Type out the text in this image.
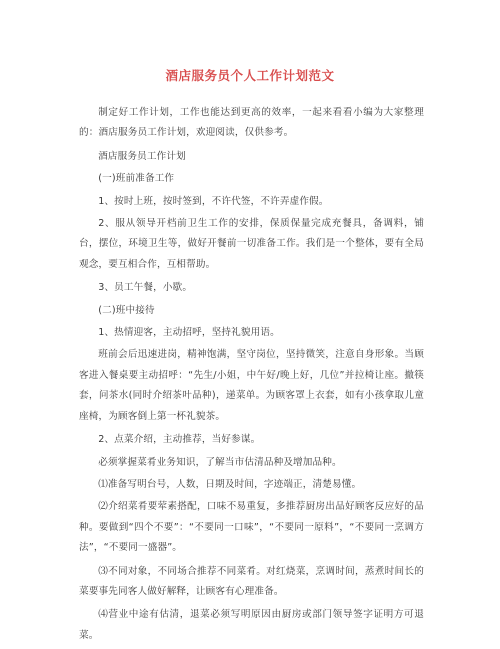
酒店服务员个人工作计划范文

制定好工作计划，工作也能达到更高的效率，一起来看看小编为大家整理的：酒店服务员工作计划，欢迎阅读，仅供参考。

酒店服务员工作计划

(一)班前准备工作

1、按时上班，按时签到，不许代签，不许弄虚作假。

2、服从领导开档前卫生工作的安排，保质保量完成充餐具，备调料，铺台，摆位，环境卫生等，做好开餐前一切准备工作。我们是一个整体，要有全局观念，要互相合作，互相帮助。

3、员工午餐，小歇。

(二)班中接待

1、热情迎客，主动招呼，坚持礼貌用语。

班前会后迅速进岗，精神饱满，坚守岗位，坚持微笑，注意自身形象。当顾客进入餐桌要主动招呼：“先生/小姐，中午好/晚上好，几位”并拉椅让座。撤筷套，问茶水(同时介绍茶叶品种)，递菜单。为顾客罩上衣套，如有小孩拿取儿童座椅，为顾客倒上第一杯礼貌茶。

2、点菜介绍，主动推荐，当好参谋。

必须掌握菜肴业务知识，了解当市估清品种及增加品种。

⑴准备写明台号，人数，日期及时间，字迹端正，清楚易懂。

⑵介绍菜肴要荤素搭配，口味不易重复，多推荐厨房出品好顾客反应好的品种。要做到“四个不要”：“不要同一口味”，“不要同一原料”，“不要同一烹调方法”，“不要同一盛器”。

⑶不同对象，不同场合推荐不同菜肴。对红烧菜，烹调时间，蒸煮时间长的菜要事先同客人做好解释，让顾客有心理准备。

⑷营业中途有估清，退菜必须写明原因由厨房或部门领导签字证明方可退菜。
